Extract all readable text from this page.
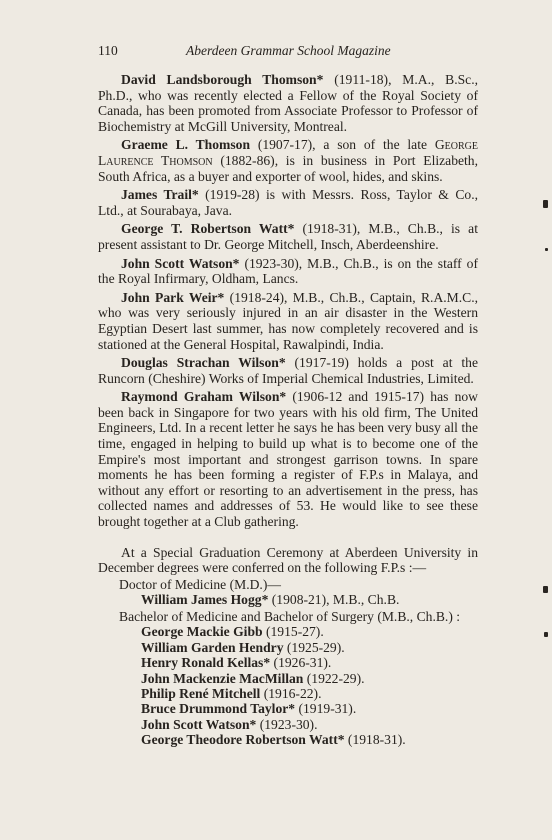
110	Aberdeen Grammar School Magazine

David Landsborough Thomson* (1911-18), M.A., B.Sc., Ph.D., who was recently elected a Fellow of the Royal Society of Canada, has been promoted from Associate Professor to Professor of Biochemistry at McGill University, Montreal.

Graeme L. Thomson (1907-17), a son of the late George Laurence Thomson (1882-86), is in business in Port Elizabeth, South Africa, as a buyer and exporter of wool, hides, and skins.

James Trail* (1919-28) is with Messrs. Ross, Taylor & Co., Ltd., at Sourabaya, Java.

George T. Robertson Watt* (1918-31), M.B., Ch.B., is at present assistant to Dr. George Mitchell, Insch, Aberdeenshire.

John Scott Watson* (1923-30), M.B., Ch.B., is on the staff of the Royal Infirmary, Oldham, Lancs.

John Park Weir* (1918-24), M.B., Ch.B., Captain, R.A.M.C., who was very seriously injured in an air disaster in the Western Egyptian Desert last summer, has now completely recovered and is stationed at the General Hospital, Rawalpindi, India.

Douglas Strachan Wilson* (1917-19) holds a post at the Runcorn (Cheshire) Works of Imperial Chemical Industries, Limited.

Raymond Graham Wilson* (1906-12 and 1915-17) has now been back in Singapore for two years with his old firm, The United Engineers, Ltd. In a recent letter he says he has been very busy all the time, engaged in helping to build up what is to become one of the Empire's most important and strongest garrison towns. In spare moments he has been forming a register of F.P.s in Malaya, and without any effort or resorting to an advertisement in the press, has collected names and addresses of 53. He would like to see these brought together at a Club gathering.

At a Special Graduation Ceremony at Aberdeen University in December degrees were conferred on the following F.P.s :—

Doctor of Medicine (M.D.)—
William James Hogg* (1908-21), M.B., Ch.B.
Bachelor of Medicine and Bachelor of Surgery (M.B., Ch.B.) :
George Mackie Gibb (1915-27).
William Garden Hendry (1925-29).
Henry Ronald Kellas* (1926-31).
John Mackenzie MacMillan (1922-29).
Philip René Mitchell (1916-22).
Bruce Drummond Taylor* (1919-31).
John Scott Watson* (1923-30).
George Theodore Robertson Watt* (1918-31).
